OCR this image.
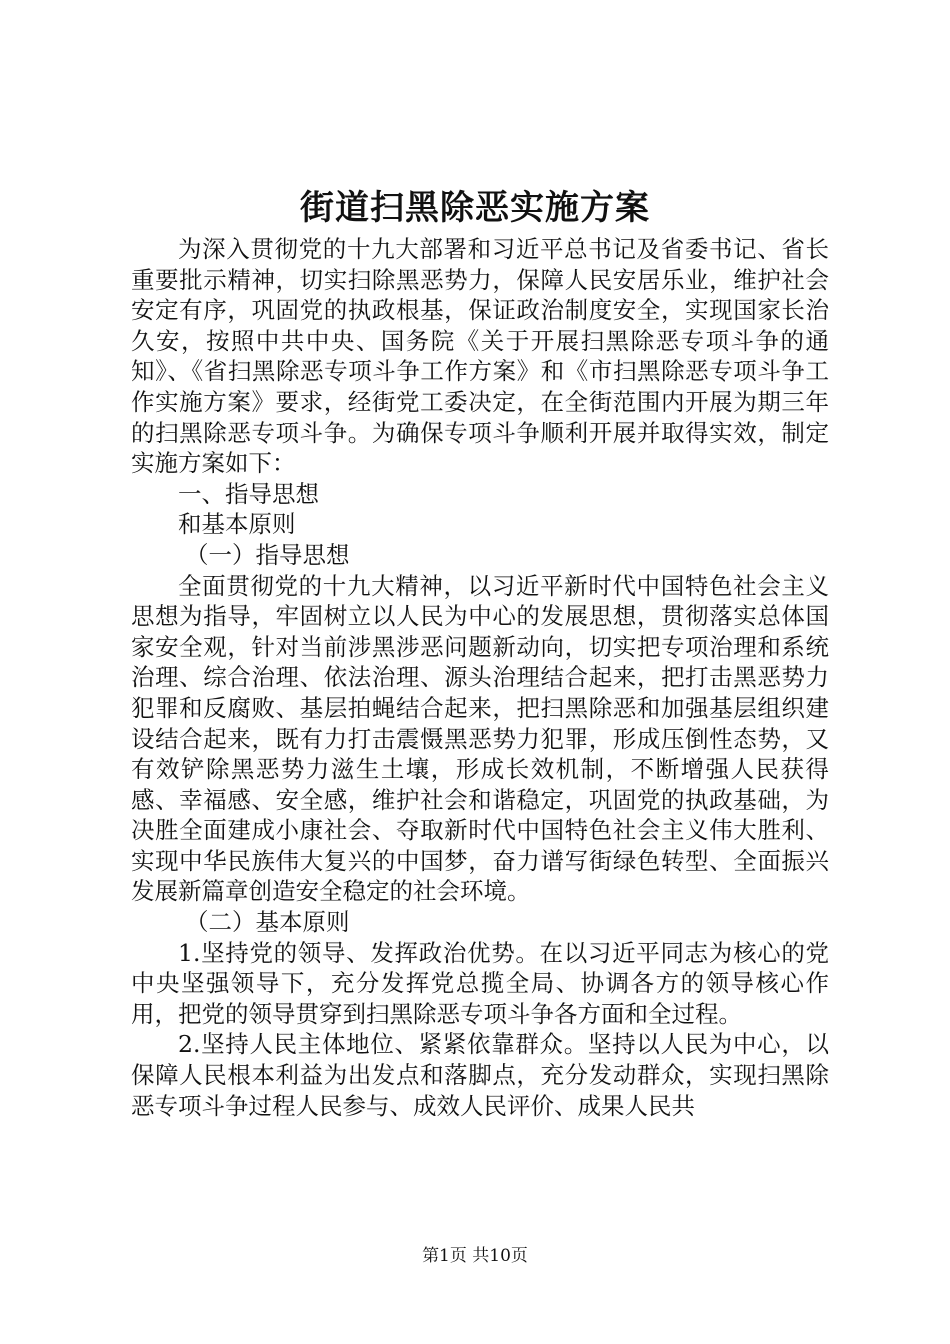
街道扫黑除恶实施方案

为深入贯彻党的十九大部署和习近平总书记及省委书记、省长重要批示精神，切实扫除黑恶势力，保障人民安居乐业，维护社会安定有序，巩固党的执政根基，保证政治制度安全，实现国家长治久安，按照中共中央、国务院《关于开展扫黑除恶专项斗争的通知》、《省扫黑除恶专项斗争工作方案》和《市扫黑除恶专项斗争工作实施方案》要求，经街党工委决定，在全街范围内开展为期三年的扫黑除恶专项斗争。为确保专项斗争顺利开展并取得实效，制定实施方案如下：

一、指导思想

和基本原则

（一）指导思想

全面贯彻党的十九大精神，以习近平新时代中国特色社会主义思想为指导，牢固树立以人民为中心的发展思想，贯彻落实总体国家安全观，针对当前涉黑涉恶问题新动向，切实把专项治理和系统治理、综合治理、依法治理、源头治理结合起来，把打击黑恶势力犯罪和反腐败、基层拍蝇结合起来，把扫黑除恶和加强基层组织建设结合起来，既有力打击震慑黑恶势力犯罪，形成压倒性态势，又有效铲除黑恶势力滋生土壤，形成长效机制，不断增强人民获得感、幸福感、安全感，维护社会和谐稳定，巩固党的执政基础，为决胜全面建成小康社会、夺取新时代中国特色社会主义伟大胜利、实现中华民族伟大复兴的中国梦，奋力谱写街绿色转型、全面振兴发展新篇章创造安全稳定的社会环境。

（二）基本原则

1.坚持党的领导、发挥政治优势。在以习近平同志为核心的党中央坚强领导下，充分发挥党总揽全局、协调各方的领导核心作用，把党的领导贯穿到扫黑除恶专项斗争各方面和全过程。

2.坚持人民主体地位、紧紧依靠群众。坚持以人民为中心，以保障人民根本利益为出发点和落脚点，充分发动群众，实现扫黑除恶专项斗争过程人民参与、成效人民评价、成果人民共

第1页 共10页
